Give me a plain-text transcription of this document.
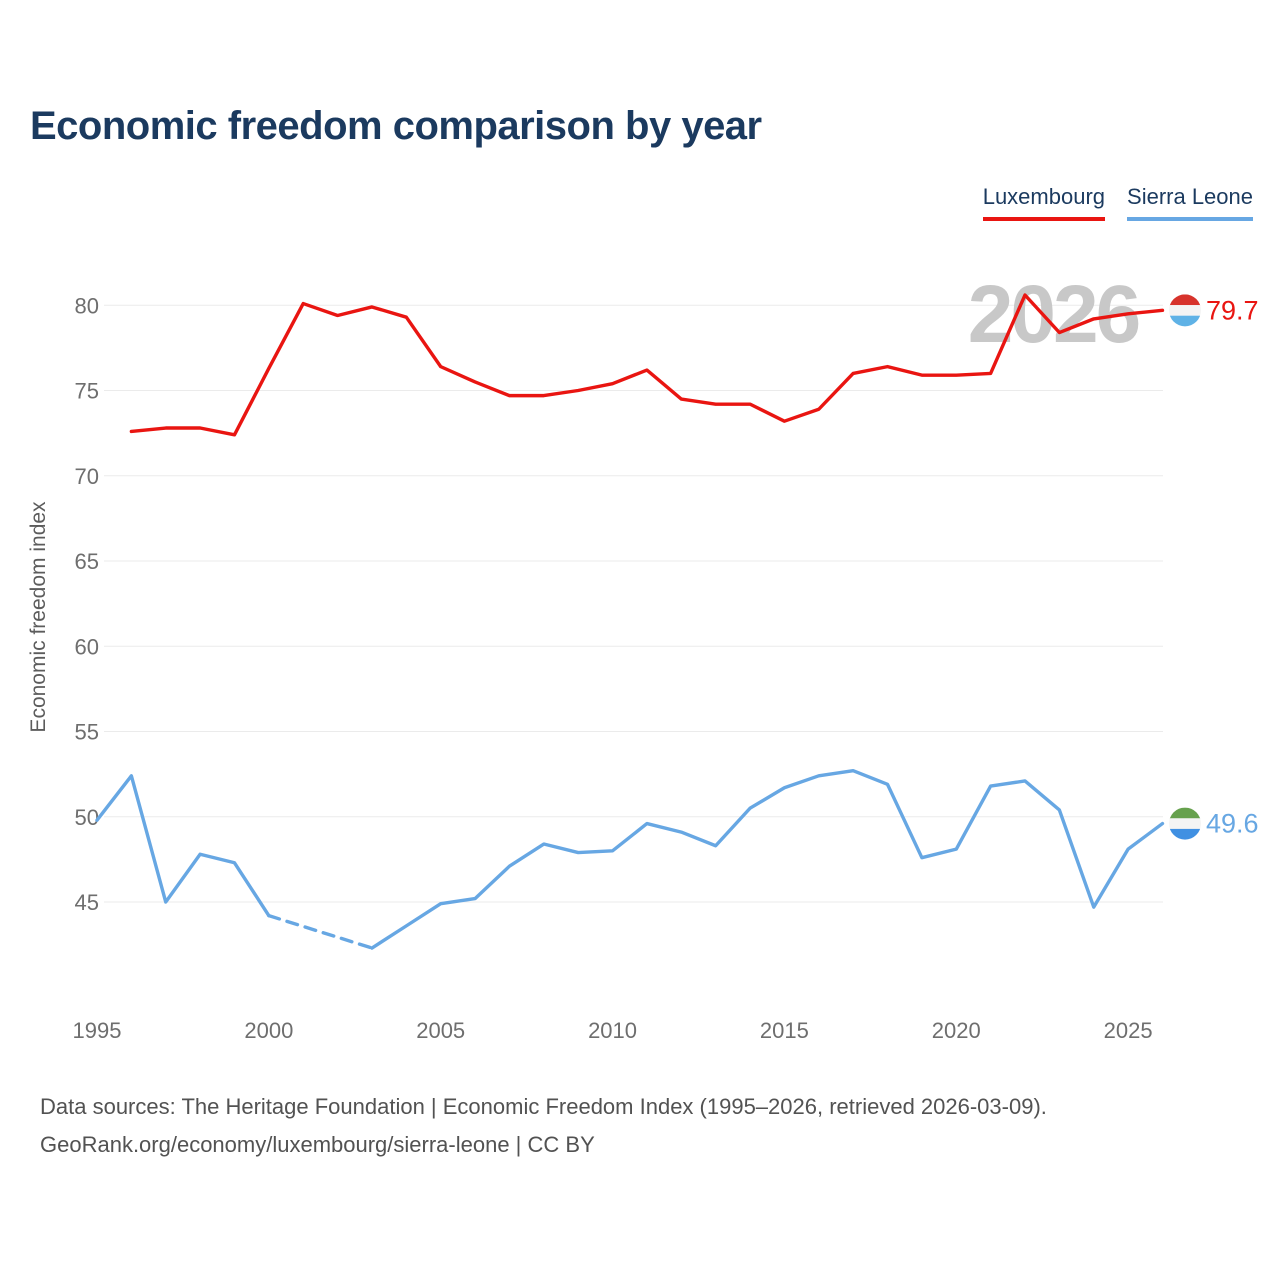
Economic freedom comparison by year
Luxembourg Sierra Leone
45
50
55
60
65
70
75
80
1995	2000	2005	2010	2015	2020	2025
2026	79.7
49.6
Economic freedom index
Data sources: The Heritage Foundation | Economic Freedom Index (1995–2026, retrieved 2026-03-09).
GeoRank.org/economy/luxembourg/sierra-leone | CC BY
